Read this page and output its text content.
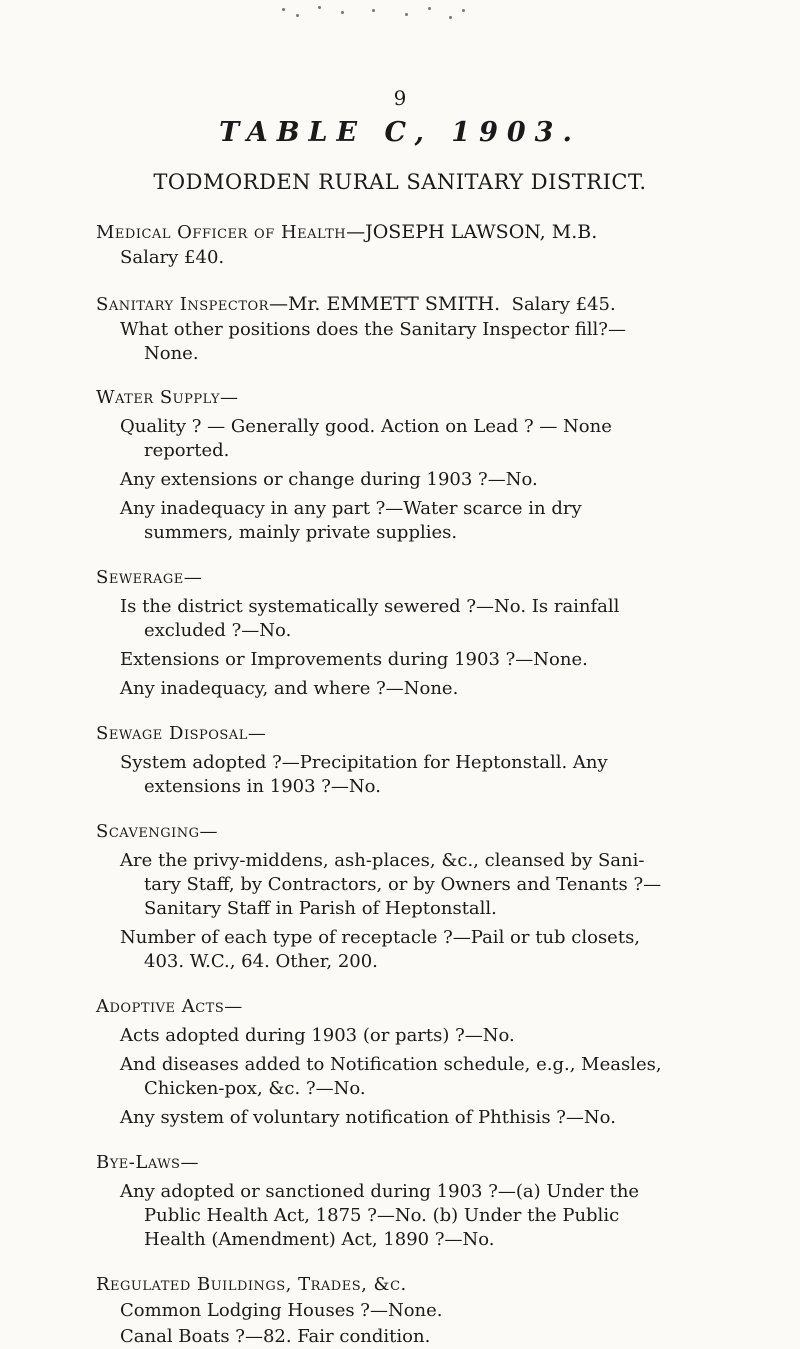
9
TABLE C, 1903.
TODMORDEN RURAL SANITARY DISTRICT.
Medical Officer of Health—JOSEPH LAWSON, M.B.
Salary £40.
Sanitary Inspector—Mr. EMMETT SMITH. Salary £45.
What other positions does the Sanitary Inspector fill?—
None.
Water Supply—
Quality ? — Generally good. Action on Lead ? — None
reported.
Any extensions or change during 1903 ?—No.
Any inadequacy in any part ?—Water scarce in dry
summers, mainly private supplies.
Sewerage—
Is the district systematically sewered ?—No. Is rainfall
excluded ?—No.
Extensions or Improvements during 1903 ?—None.
Any inadequacy, and where ?—None.
Sewage Disposal—
System adopted ?—Precipitation for Heptonstall. Any
extensions in 1903 ?—No.
Scavenging—
Are the privy-middens, ash-places, &c., cleansed by Sani-
tary Staff, by Contractors, or by Owners and Tenants ?—
Sanitary Staff in Parish of Heptonstall.
Number of each type of receptacle ?—Pail or tub closets,
403. W.C., 64. Other, 200.
Adoptive Acts—
Acts adopted during 1903 (or parts) ?—No.
And diseases added to Notification schedule, e.g., Measles,
Chicken-pox, &c. ?—No.
Any system of voluntary notification of Phthisis ?—No.
Bye-Laws—
Any adopted or sanctioned during 1903 ?—(a) Under the
Public Health Act, 1875 ?—No. (b) Under the Public
Health (Amendment) Act, 1890 ?—No.
Regulated Buildings, Trades, &c.
Common Lodging Houses ?—None.
Canal Boats ?—82. Fair condition.
